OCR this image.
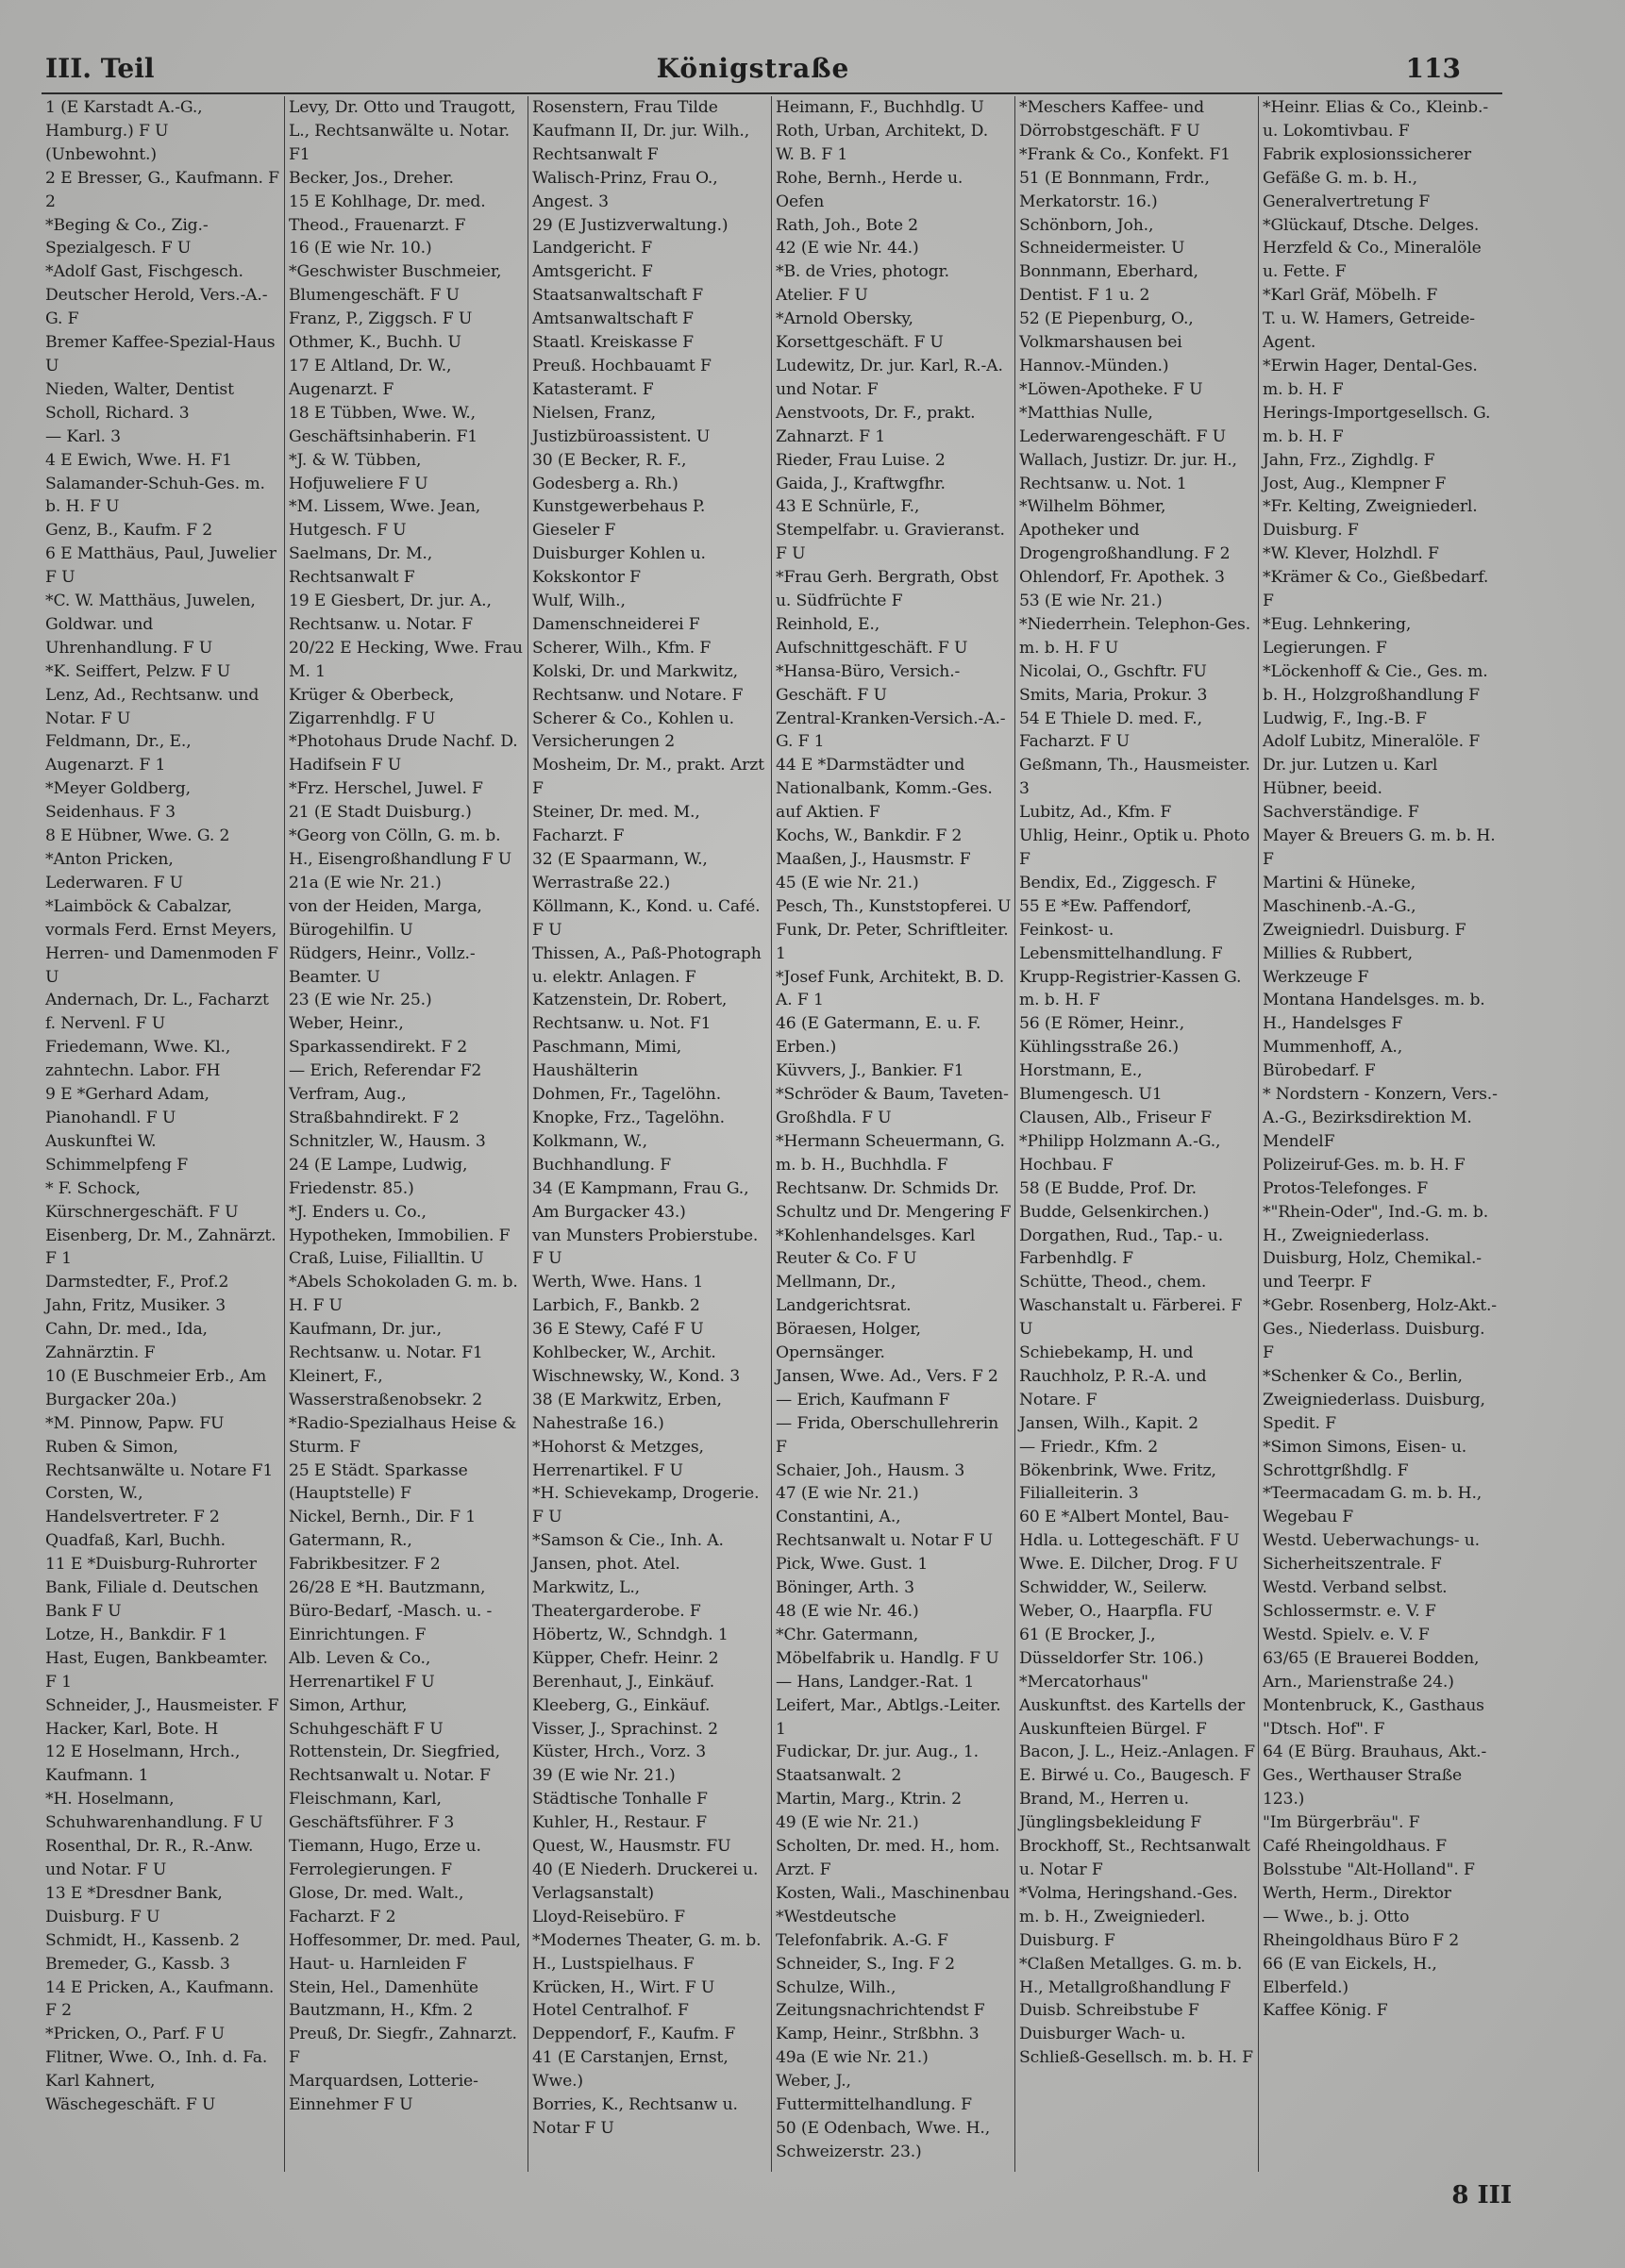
III. Teil	Königstraße	113
1 (E Karstadt A.-G., Hamburg.) F U
(Unbewohnt.)
2 E Bresser, G., Kaufmann. F 2
*Beging & Co., Zig.-Spezialgesch. F U
*Adolf Gast, Fischgesch.
Deutscher Herold, Vers.-A.-G. F
Bremer Kaffee-Spezial-Haus U
Nieden, Walter, Dentist
Scholl, Richard. 3
— Karl. 3
4 E Ewich, Wwe. H. F1
Salamander-Schuh-Ges. m. b. H. F U
Genz, B., Kaufm. F 2
6 E Matthäus, Paul, Juwelier F U
*C. W. Matthäus, Juwelen, Goldwar. und Uhrenhandlung. F U
*K. Seiffert, Pelzw. F U
Lenz, Ad., Rechtsanw. und Notar. F U
Feldmann, Dr., E., Augenarzt. F 1
*Meyer Goldberg, Seidenhaus. F 3
8 E Hübner, Wwe. G. 2
*Anton Pricken, Lederwaren. F U
*Laimböck & Cabalzar, vormals Ferd. Ernst Meyers, Herren- und Damenmoden F U
Andernach, Dr. L., Facharzt f. Nervenl. F U
Friedemann, Wwe. Kl., zahntechn. Labor. FH
9 E *Gerhard Adam, Pianohandl. F U
Auskunftei W. Schimmelpfeng F
* F. Schock, Kürschnergeschäft. F U
Eisenberg, Dr. M., Zahnärzt. F 1
Darmstedter, F., Prof.2
Jahn, Fritz, Musiker. 3
Cahn, Dr. med., Ida, Zahnärztin. F
10 (E Buschmeier Erb., Am Burgacker 20a.)
*M. Pinnow, Papw. FU
Ruben & Simon, Rechtsanwälte u. Notare F1
Corsten, W., Handelsvertreter. F 2
Quadfaß, Karl, Buchh.
11 E *Duisburg-Ruhrorter Bank, Filiale d. Deutschen Bank F U
Lotze, H., Bankdir. F 1
Hast, Eugen, Bankbeamter. F 1
Schneider, J., Hausmeister. F
Hacker, Karl, Bote. H
12 E Hoselmann, Hrch., Kaufmann. 1
*H. Hoselmann, Schuhwarenhandlung. F U
Rosenthal, Dr. R., R.-Anw. und Notar. F U
13 E *Dresdner Bank, Duisburg. F U
Schmidt, H., Kassenb. 2
Bremeder, G., Kassb. 3
14 E Pricken, A., Kaufmann. F 2
*Pricken, O., Parf. F U
Flitner, Wwe. O., Inh. d. Fa. Karl Kahnert, Wäschegeschäft. F U
Levy, Dr. Otto und Traugott, L., Rechtsanwälte u. Notar. F1
Becker, Jos., Dreher.
15 E Kohlhage, Dr. med. Theod., Frauenarzt. F
16 (E wie Nr. 10.)
*Geschwister Buschmeier, Blumengeschäft. F U
Franz, P., Ziggsch. F U
Othmer, K., Buchh. U
17 E Altland, Dr. W., Augenarzt. F
18 E Tübben, Wwe. W., Geschäftsinhaberin. F1
*J. & W. Tübben, Hofjuweliere F U
*M. Lissem, Wwe. Jean, Hutgesch. F U
Saelmans, Dr. M., Rechtsanwalt F
19 E Giesbert, Dr. jur. A., Rechtsanw. u. Notar. F
20/22 E Hecking, Wwe. Frau M. 1
Krüger & Oberbeck, Zigarrenhdlg. F U
*Photohaus Drude Nachf. D. Hadifsein F U
*Frz. Herschel, Juwel. F
21 (E Stadt Duisburg.)
*Georg von Cölln, G. m. b. H., Eisengroßhandlung F U
21a (E wie Nr. 21.)
von der Heiden, Marga, Bürogehilfin. U
Rüdgers, Heinr., Vollz.-Beamter. U
23 (E wie Nr. 25.)
Weber, Heinr., Sparkassendirekt. F 2
— Erich, Referendar F2
Verfram, Aug., Straßbahndirekt. F 2
Schnitzler, W., Hausm. 3
24 (E Lampe, Ludwig, Friedenstr. 85.)
*J. Enders u. Co., Hypotheken, Immobilien. F
Craß, Luise, Filialltin. U
*Abels Schokoladen G. m. b. H. F U
Kaufmann, Dr. jur., Rechtsanw. u. Notar. F1
Kleinert, F., Wasserstraßenobsekr. 2
*Radio-Spezialhaus Heise & Sturm. F
25 E Städt. Sparkasse (Hauptstelle) F
Nickel, Bernh., Dir. F 1
Gatermann, R., Fabrikbesitzer. F 2
26/28 E *H. Bautzmann, Büro-Bedarf, -Masch. u. -Einrichtungen. F
Alb. Leven & Co., Herrenartikel F U
Simon, Arthur, Schuhgeschäft F U
Rottenstein, Dr. Siegfried, Rechtsanwalt u. Notar. F
Fleischmann, Karl, Geschäftsführer. F 3
Tiemann, Hugo, Erze u. Ferrolegierungen. F
Glose, Dr. med. Walt., Facharzt. F 2
Hoffesommer, Dr. med. Paul, Haut- u. Harnleiden F
Stein, Hel., Damenhüte
Bautzmann, H., Kfm. 2
Preuß, Dr. Siegfr., Zahnarzt. F
Marquardsen, Lotterie-Einnehmer F U
Rosenstern, Frau Tilde Kaufmann II, Dr. jur. Wilh., Rechtsanwalt F
Walisch-Prinz, Frau O., Angest. 3
29 (E Justizverwaltung.)
Landgericht. F
Amtsgericht. F
Staatsanwaltschaft F
Amtsanwaltschaft F
Staatl. Kreiskasse F
Preuß. Hochbauamt F
Katasteramt. F
Nielsen, Franz, Justizbüroassistent. U
30 (E Becker, R. F., Godesberg a. Rh.)
Kunstgewerbehaus P. Gieseler F
Duisburger Kohlen u. Kokskontor F
Wulf, Wilh., Damenschneiderei F
Scherer, Wilh., Kfm. F
Kolski, Dr. und Markwitz, Rechtsanw. und Notare. F
Scherer & Co., Kohlen u. Versicherungen 2
Mosheim, Dr. M., prakt. Arzt F
Steiner, Dr. med. M., Facharzt. F
32 (E Spaarmann, W., Werrastraße 22.)
Köllmann, K., Kond. u. Café. F U
Thissen, A., Paß-Photograph u. elektr. Anlagen. F
Katzenstein, Dr. Robert, Rechtsanw. u. Not. F1
Paschmann, Mimi, Haushälterin
Dohmen, Fr., Tagelöhn.
Knopke, Frz., Tagelöhn.
Kolkmann, W., Buchhandlung. F
34 (E Kampmann, Frau G., Am Burgacker 43.)
van Munsters Probierstube. F U
Werth, Wwe. Hans. 1
Larbich, F., Bankb. 2
36 E Stewy, Café F U
Kohlbecker, W., Archit.
Wischnewsky, W., Kond. 3
38 (E Markwitz, Erben, Nahestraße 16.)
*Hohorst & Metzges, Herrenartikel. F U
*H. Schievekamp, Drogerie. F U
*Samson & Cie., Inh. A. Jansen, phot. Atel.
Markwitz, L., Theatergarderobe. F
Höbertz, W., Schndgh. 1
Küpper, Chefr. Heinr. 2
Berenhaut, J., Einkäuf.
Kleeberg, G., Einkäuf.
Visser, J., Sprachinst. 2
Küster, Hrch., Vorz. 3
39 (E wie Nr. 21.)
Städtische Tonhalle F
Kuhler, H., Restaur. F
Quest, W., Hausmstr. FU
40 (E Niederh. Druckerei u. Verlagsanstalt)
Lloyd-Reisebüro. F
*Modernes Theater, G. m. b. H., Lustspielhaus. F
Krücken, H., Wirt. F U
Hotel Centralhof. F
Deppendorf, F., Kaufm. F
41 (E Carstanjen, Ernst, Wwe.)
Borries, K., Rechtsanw u. Notar F U
Heimann, F., Buchhdlg. U
Roth, Urban, Architekt, D. W. B. F 1
Rohe, Bernh., Herde u. Oefen
Rath, Joh., Bote 2
42 (E wie Nr. 44.)
*B. de Vries, photogr. Atelier. F U
*Arnold Obersky, Korsettgeschäft. F U
Ludewitz, Dr. jur. Karl, R.-A. und Notar. F
Aenstvoots, Dr. F., prakt. Zahnarzt. F 1
Rieder, Frau Luise. 2
Gaida, J., Kraftwgfhr.
43 E Schnürle, F., Stempelfabr. u. Gravieranst. F U
*Frau Gerh. Bergrath, Obst u. Südfrüchte F
Reinhold, E., Aufschnittgeschäft. F U
*Hansa-Büro, Versich.-Geschäft. F U
Zentral-Kranken-Versich.-A.-G. F 1
44 E *Darmstädter und Nationalbank, Komm.-Ges. auf Aktien. F
Kochs, W., Bankdir. F 2
Maaßen, J., Hausmstr. F
45 (E wie Nr. 21.)
Pesch, Th., Kunststopferei. U
Funk, Dr. Peter, Schriftleiter. 1
*Josef Funk, Architekt, B. D. A. F 1
46 (E Gatermann, E. u. F. Erben.)
Küvvers, J., Bankier. F1
*Schröder & Baum, Taveten-Großhdla. F U
*Hermann Scheuermann, G. m. b. H., Buchhdla. F
Rechtsanw. Dr. Schmids Dr. Schultz und Dr. Mengering F
*Kohlenhandelsges. Karl Reuter & Co. F U
Mellmann, Dr., Landgerichtsrat.
Böraesen, Holger, Opernsänger.
Jansen, Wwe. Ad., Vers. F 2
— Erich, Kaufmann F
— Frida, Oberschullehrerin F
Schaier, Joh., Hausm. 3
47 (E wie Nr. 21.)
Constantini, A., Rechtsanwalt u. Notar F U
Pick, Wwe. Gust. 1
Böninger, Arth. 3
48 (E wie Nr. 46.)
*Chr. Gatermann, Möbelfabrik u. Handlg. F U
— Hans, Landger.-Rat. 1
Leifert, Mar., Abtlgs.-Leiter. 1
Fudickar, Dr. jur. Aug., 1. Staatsanwalt. 2
Martin, Marg., Ktrin. 2
49 (E wie Nr. 21.)
Scholten, Dr. med. H., hom. Arzt. F
Kosten, Wali., Maschinenbau
*Westdeutsche Telefonfabrik. A.-G. F
Schneider, S., Ing. F 2
Schulze, Wilh., Zeitungsnachrichtendst F
Kamp, Heinr., Strßbhn. 3
49a (E wie Nr. 21.)
Weber, J., Futtermittelhandlung. F
50 (E Odenbach, Wwe. H., Schweizerstr. 23.)
*Meschers Kaffee- und Dörrobstgeschäft. F U
*Frank & Co., Konfekt. F1
51 (E Bonnmann, Frdr., Merkatorstr. 16.)
Schönborn, Joh., Schneidermeister. U
Bonnmann, Eberhard, Dentist. F 1 u. 2
52 (E Piepenburg, O., Volkmarshausen bei Hannov.-Münden.)
*Löwen-Apotheke. F U
*Matthias Nulle, Lederwarengeschäft. F U
Wallach, Justizr. Dr. jur. H., Rechtsanw. u. Not. 1
*Wilhelm Böhmer, Apotheker und Drogengroßhandlung. F 2
Ohlendorf, Fr. Apothek. 3
53 (E wie Nr. 21.)
*Niederrhein. Telephon-Ges. m. b. H. F U
Nicolai, O., Gschftr. FU
Smits, Maria, Prokur. 3
54 E Thiele D. med. F., Facharzt. F U
Geßmann, Th., Hausmeister. 3
Lubitz, Ad., Kfm. F
Uhlig, Heinr., Optik u. Photo F
Bendix, Ed., Ziggesch. F
55 E *Ew. Paffendorf, Feinkost- u. Lebensmittelhandlung. F
Krupp-Registrier-Kassen G. m. b. H. F
56 (E Römer, Heinr., Kühlingsstraße 26.)
Horstmann, E., Blumengesch. U1
Clausen, Alb., Friseur F
*Philipp Holzmann A.-G., Hochbau. F
58 (E Budde, Prof. Dr. Budde, Gelsenkirchen.)
Dorgathen, Rud., Tap.- u. Farbenhdlg. F
Schütte, Theod., chem. Waschanstalt u. Färberei. F U
Schiebekamp, H. und Rauchholz, P. R.-A. und Notare. F
Jansen, Wilh., Kapit. 2
— Friedr., Kfm. 2
Bökenbrink, Wwe. Fritz, Filialleiterin. 3
60 E *Albert Montel, Bau-Hdla. u. Lottegeschäft. F U
Wwe. E. Dilcher, Drog. F U
Schwidder, W., Seilerw.
Weber, O., Haarpfla. FU
61 (E Brocker, J., Düsseldorfer Str. 106.)
*Mercatorhaus"
Auskunftst. des Kartells der Auskunfteien Bürgel. F
Bacon, J. L., Heiz.-Anlagen. F
E. Birwé u. Co., Baugesch. F
Brand, M., Herren u. Jünglingsbekleidung F
Brockhoff, St., Rechtsanwalt u. Notar F
*Volma, Heringshand.-Ges. m. b. H., Zweigniederl. Duisburg. F
*Claßen Metallges. G. m. b. H., Metallgroßhandlung F
Duisb. Schreibstube F
Duisburger Wach- u. Schließ-Gesellsch. m. b. H. F
*Heinr. Elias & Co., Kleinb.- u. Lokomtivbau. F
Fabrik explosionssicherer Gefäße G. m. b. H., Generalvertretung F
*Glückauf, Dtsche. Delges. Herzfeld & Co., Mineralöle u. Fette. F
*Karl Gräf, Möbelh. F
T. u. W. Hamers, Getreide-Agent.
*Erwin Hager, Dental-Ges. m. b. H. F
Herings-Importgesellsch. G. m. b. H. F
Jahn, Frz., Zighdlg. F
Jost, Aug., Klempner F
*Fr. Kelting, Zweigniederl. Duisburg. F
*W. Klever, Holzhdl. F
*Krämer & Co., Gießbedarf. F
*Eug. Lehnkering, Legierungen. F
*Löckenhoff & Cie., Ges. m. b. H., Holzgroßhandlung F
Ludwig, F., Ing.-B. F
Adolf Lubitz, Mineralöle. F
Dr. jur. Lutzen u. Karl Hübner, beeid. Sachverständige. F
Mayer & Breuers G. m. b. H. F
Martini & Hüneke, Maschinenb.-A.-G., Zweigniedrl. Duisburg. F
Millies & Rubbert, Werkzeuge F
Montana Handelsges. m. b. H., Handelsges F
Mummenhoff, A., Bürobedarf. F
* Nordstern - Konzern, Vers.-A.-G., Bezirksdirektion M. MendelF
Polizeiruf-Ges. m. b. H. F
Protos-Telefonges. F
*"Rhein-Oder", Ind.-G. m. b. H., Zweigniederlass. Duisburg, Holz, Chemikal.- und Teerpr. F
*Gebr. Rosenberg, Holz-Akt.-Ges., Niederlass. Duisburg. F
*Schenker & Co., Berlin, Zweigniederlass. Duisburg, Spedit. F
*Simon Simons, Eisen- u. Schrottgrßhdlg. F
*Teermacadam G. m. b. H., Wegebau F
Westd. Ueberwachungs- u. Sicherheitszentrale. F
Westd. Verband selbst. Schlossermstr. e. V. F
Westd. Spielv. e. V. F
63/65 (E Brauerei Bodden, Arn., Marienstraße 24.)
Montenbruck, K., Gasthaus "Dtsch. Hof". F
64 (E Bürg. Brauhaus, Akt.-Ges., Werthauser Straße 123.)
"Im Bürgerbräu". F
Café Rheingoldhaus. F
Bolsstube "Alt-Holland". F
Werth, Herm., Direktor
— Wwe., b. j. Otto
Rheingoldhaus Büro F 2
66 (E van Eickels, H., Elberfeld.)
Kaffee König. F
8 III
